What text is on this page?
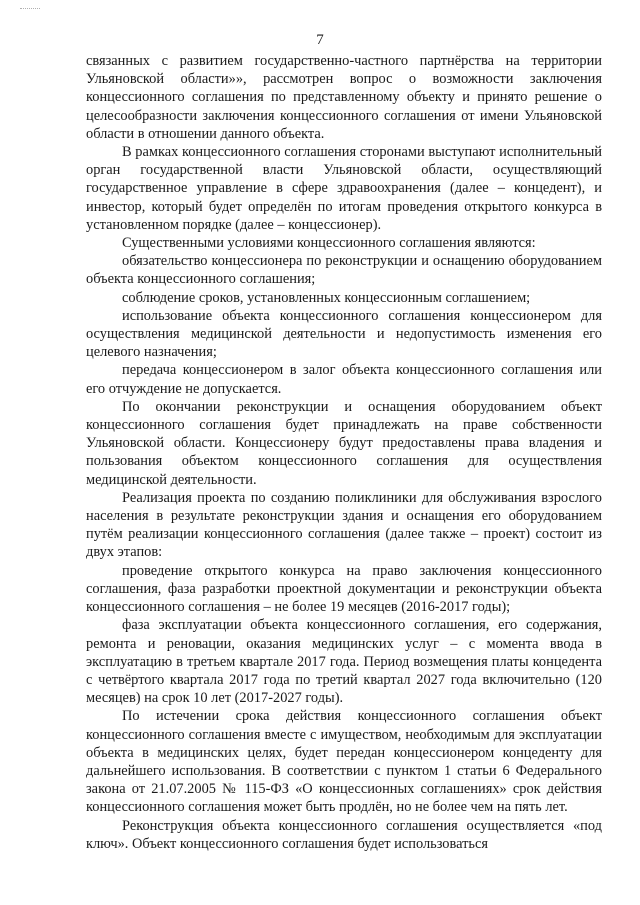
7

связанных с развитием государственно-частного партнёрства на территории Ульяновской области»», рассмотрен вопрос о возможности заключения концессионного соглашения по представленному объекту и принято решение о целесообразности заключения концессионного соглашения от имени Ульяновской области в отношении данного объекта.

В рамках концессионного соглашения сторонами выступают исполнительный орган государственной власти Ульяновской области, осуществляющий государственное управление в сфере здравоохранения (далее – концедент), и инвестор, который будет определён по итогам проведения открытого конкурса в установленном порядке (далее – концессионер).

Существенными условиями концессионного соглашения являются:

обязательство концессионера по реконструкции и оснащению оборудованием объекта концессионного соглашения;

соблюдение сроков, установленных концессионным соглашением;

использование объекта концессионного соглашения концессионером для осуществления медицинской деятельности и недопустимость изменения его целевого назначения;

передача концессионером в залог объекта концессионного соглашения или его отчуждение не допускается.

По окончании реконструкции и оснащения оборудованием объект концессионного соглашения будет принадлежать на праве собственности Ульяновской области. Концессионеру будут предоставлены права владения и пользования объектом концессионного соглашения для осуществления медицинской деятельности.

Реализация проекта по созданию поликлиники для обслуживания взрослого населения в результате реконструкции здания и оснащения его оборудованием путём реализации концессионного соглашения (далее также – проект) состоит из двух этапов:

проведение открытого конкурса на право заключения концессионного соглашения, фаза разработки проектной документации и реконструкции объекта концессионного соглашения – не более 19 месяцев (2016-2017 годы);

фаза эксплуатации объекта концессионного соглашения, его содержания, ремонта и реновации, оказания медицинских услуг – с момента ввода в эксплуатацию в третьем квартале 2017 года. Период возмещения платы концедента с четвёртого квартала 2017 года по третий квартал 2027 года включительно (120 месяцев) на срок 10 лет (2017-2027 годы).

По истечении срока действия концессионного соглашения объект концессионного соглашения вместе с имуществом, необходимым для эксплуатации объекта в медицинских целях, будет передан концессионером концеденту для дальнейшего использования. В соответствии с пунктом 1 статьи 6 Федерального закона от 21.07.2005 № 115-ФЗ «О концессионных соглашениях» срок действия концессионного соглашения может быть продлён, но не более чем на пять лет.

Реконструкция объекта концессионного соглашения осуществляется «под ключ». Объект концессионного соглашения будет использоваться
